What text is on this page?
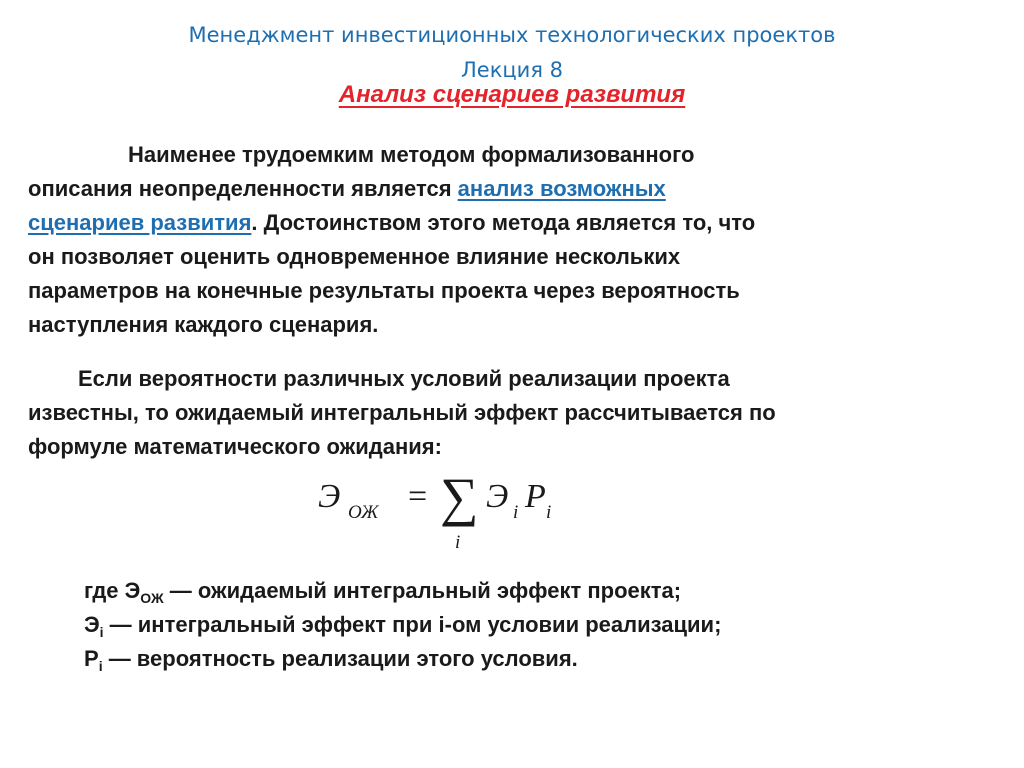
Менеджмент инвестиционных технологических проектов
Лекция 8
Анализ сценариев развития
Наименее трудоемким методом формализованного
описания неопределенности является анализ возможных
сценариев развития. Достоинством этого метода является то, что
он позволяет оценить одновременное влияние нескольких
параметров на конечные результаты проекта через вероятность
наступления каждого сценария.
Если вероятности различных условий реализации проекта
известны, то ожидаемый интегральный эффект рассчитывается по
формуле математического ожидания:
Э ОЖ = ∑
i
Э i P i
где $Э_{ОЖ}$ — ожидаемый интегральный эффект проекта;
$Э_i$ — интегральный эффект при i-ом условии реализации;
$P_i$ — вероятность реализации этого условия.
